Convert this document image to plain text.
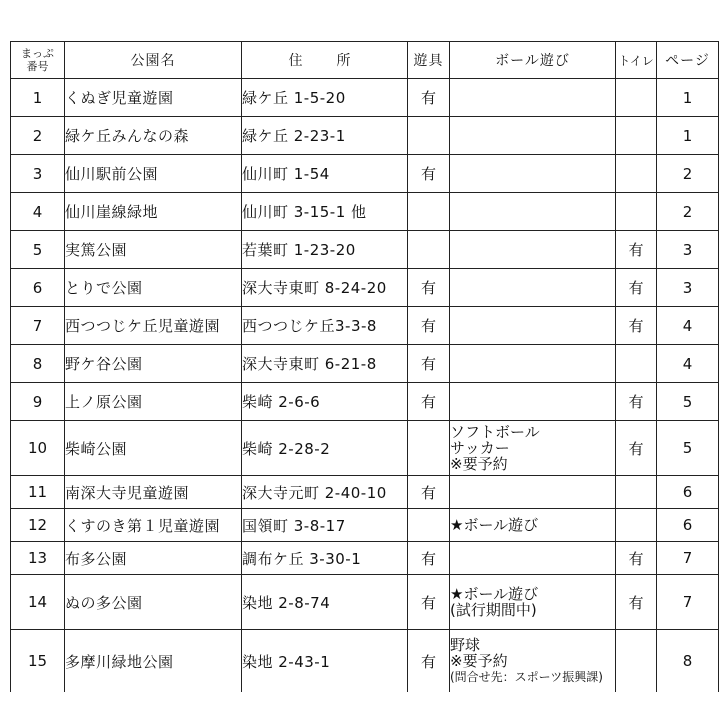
まっぷ
番号	公園名	住　所	遊具	ボール遊び	トイレ	ページ
1	くぬぎ児童遊園	緑ケ丘 1-5-20	有			1
2	緑ケ丘みんなの森	緑ケ丘 2-23-1				1
3	仙川駅前公園	仙川町 1-54	有			2
4	仙川崖線緑地	仙川町 3-15-1 他				2
5	実篤公園	若葉町 1-23-20			有	3
6	とりで公園	深大寺東町 8-24-20	有		有	3
7	西つつじケ丘児童遊園	西つつじケ丘3-3-8	有		有	4
8	野ケ谷公園	深大寺東町 6-21-8	有			4
9	上ノ原公園	柴崎 2-6-6	有		有	5
10	柴崎公園	柴崎 2-28-2		ソフトボール
サッカー
※要予約	有	5
11	南深大寺児童遊園	深大寺元町 2-40-10	有			6
12	くすのき第１児童遊園	国領町 3-8-17		★ボール遊び		6
13	布多公園	調布ケ丘 3-30-1	有		有	7
14	ぬの多公園	染地 2-8-74	有	★ボール遊び
(試行期間中)	有	7
15	多摩川緑地公園	染地 2-43-1	有	野球
※要予約
(問合せ先：スポーツ振興課)		8
